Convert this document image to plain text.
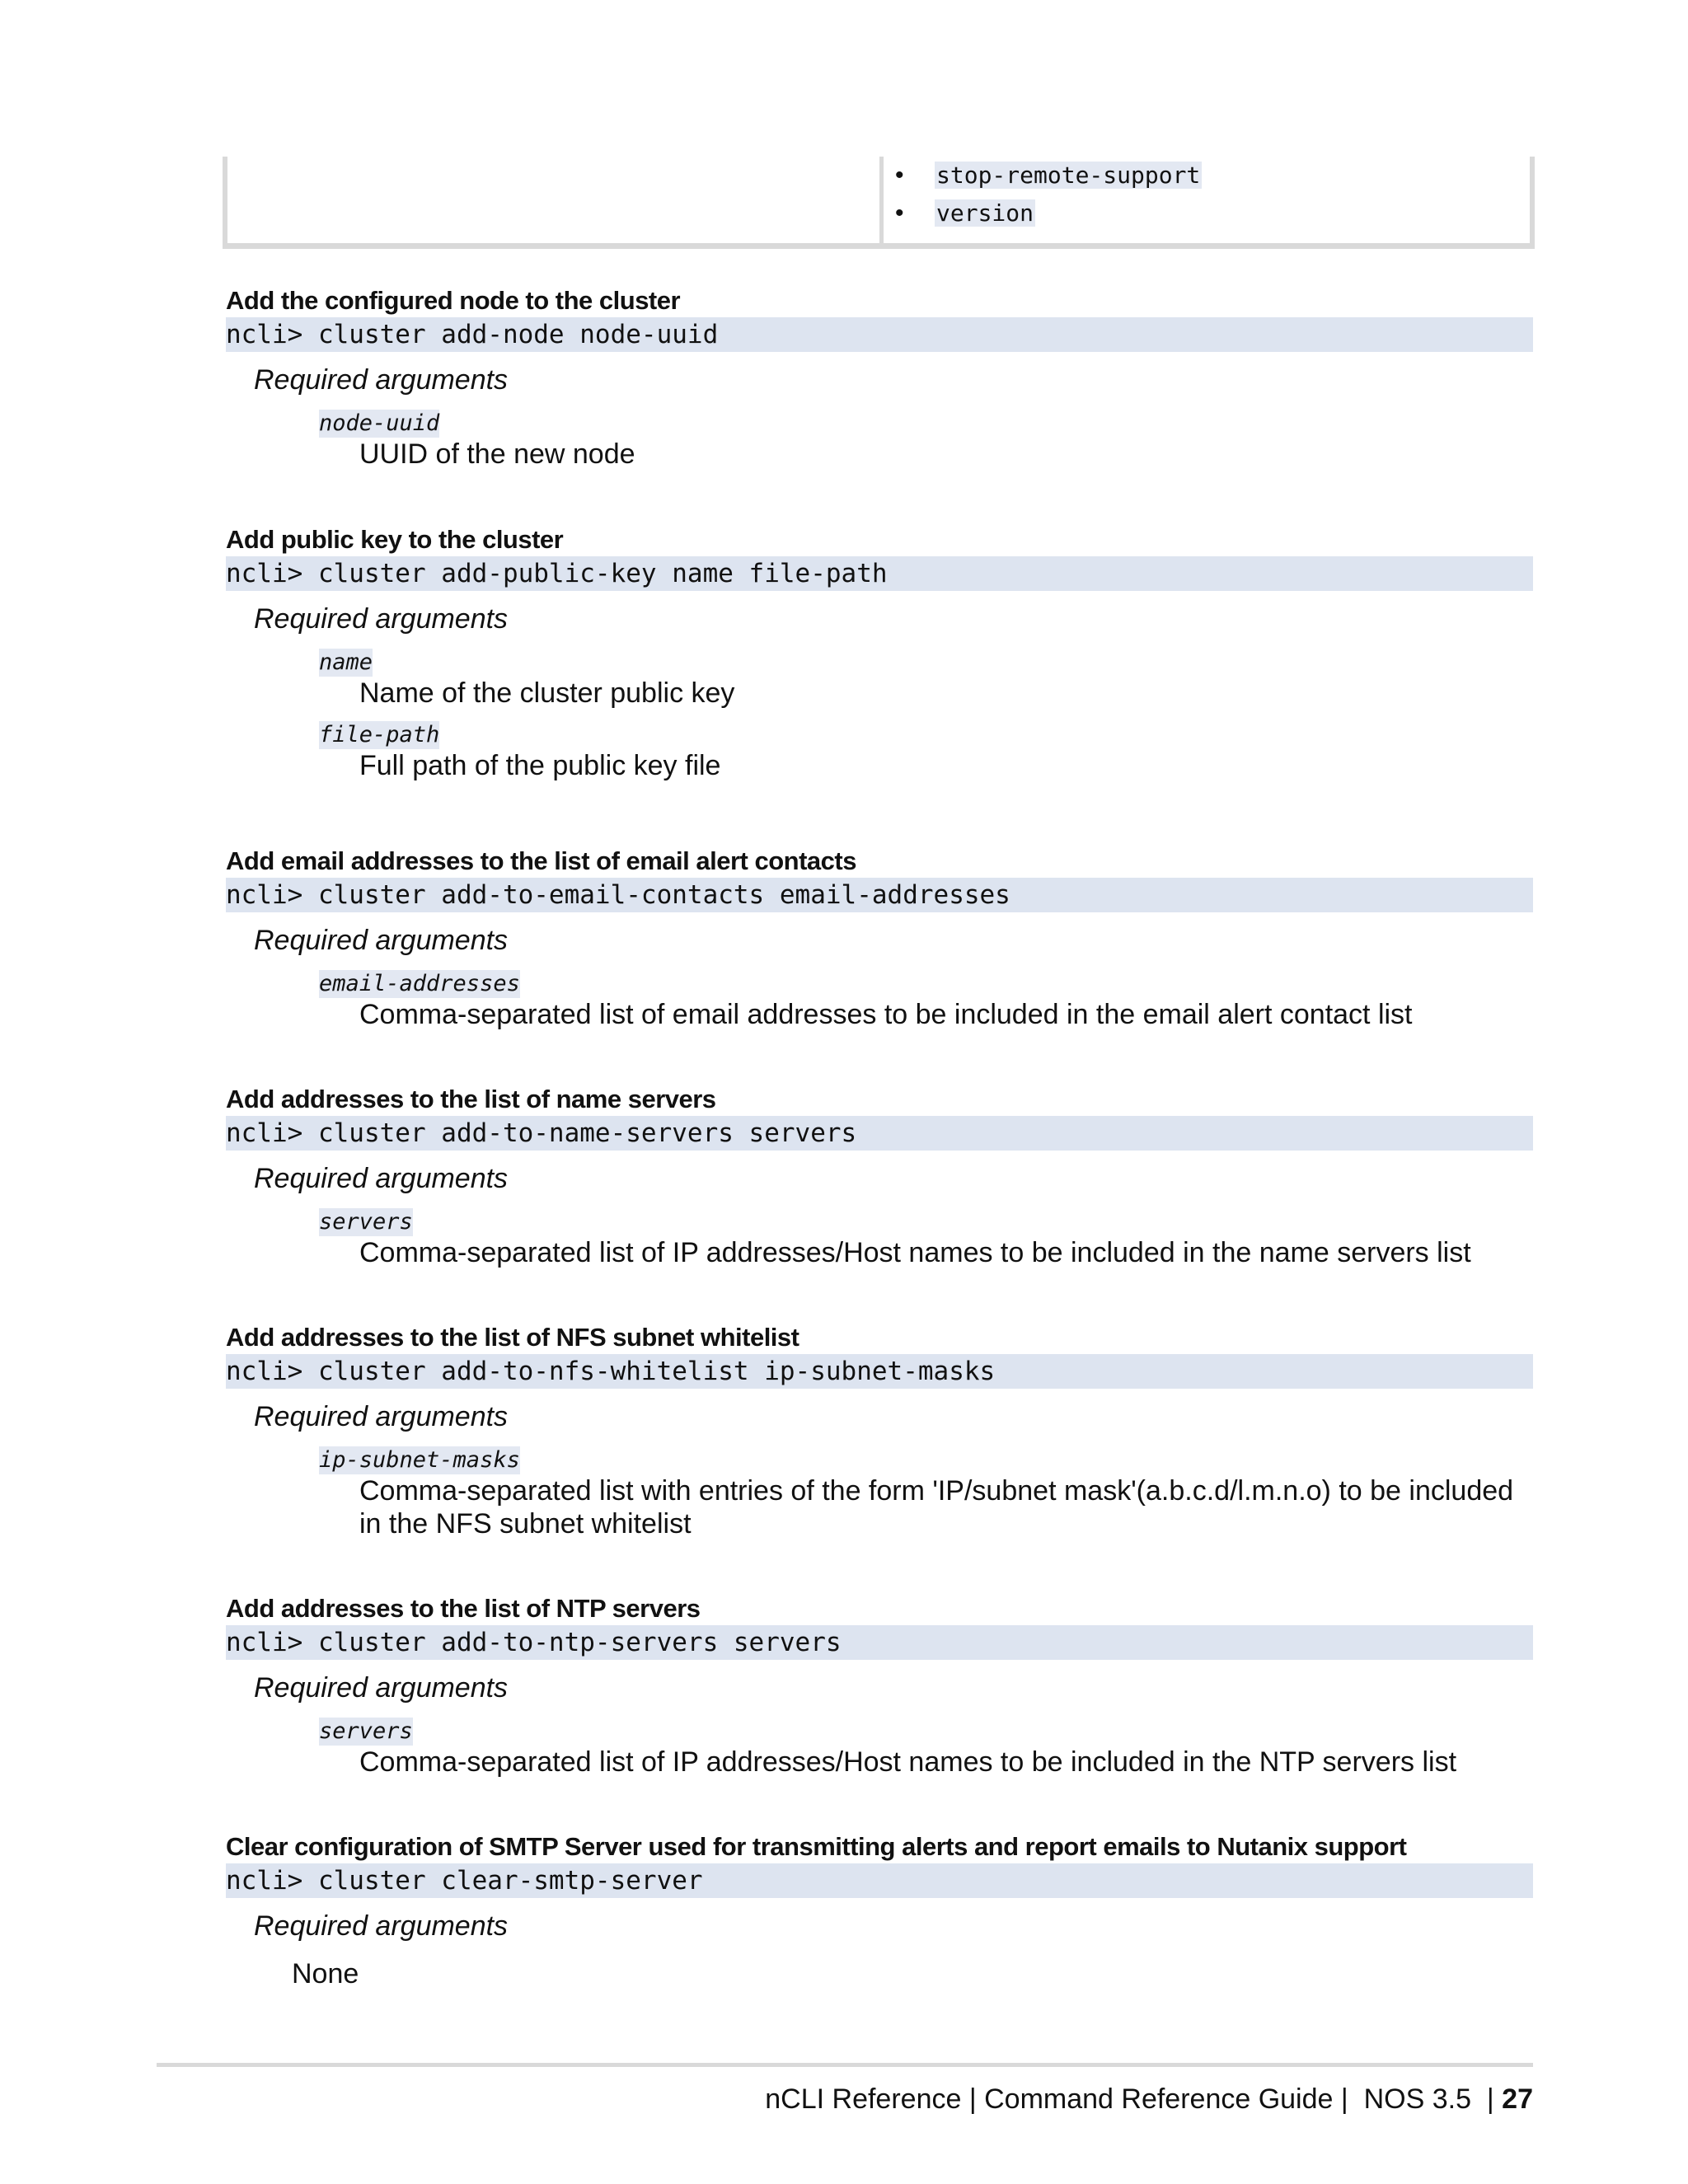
• stop-remote-support
• version
Add the configured node to the cluster
ncli> cluster add-node node-uuid
Required arguments
node-uuid
UUID of the new node
Add public key to the cluster
ncli> cluster add-public-key name file-path
Required arguments
name
Name of the cluster public key
file-path
Full path of the public key file
Add email addresses to the list of email alert contacts
ncli> cluster add-to-email-contacts email-addresses
Required arguments
email-addresses
Comma-separated list of email addresses to be included in the email alert contact list
Add addresses to the list of name servers
ncli> cluster add-to-name-servers servers
Required arguments
servers
Comma-separated list of IP addresses/Host names to be included in the name servers list
Add addresses to the list of NFS subnet whitelist
ncli> cluster add-to-nfs-whitelist ip-subnet-masks
Required arguments
ip-subnet-masks
Comma-separated list with entries of the form 'IP/subnet mask'(a.b.c.d/l.m.n.o) to be included in the NFS subnet whitelist
Add addresses to the list of NTP servers
ncli> cluster add-to-ntp-servers servers
Required arguments
servers
Comma-separated list of IP addresses/Host names to be included in the NTP servers list
Clear configuration of SMTP Server used for transmitting alerts and report emails to Nutanix support
ncli> cluster clear-smtp-server
Required arguments
None
nCLI Reference | Command Reference Guide |  NOS 3.5  | 27
